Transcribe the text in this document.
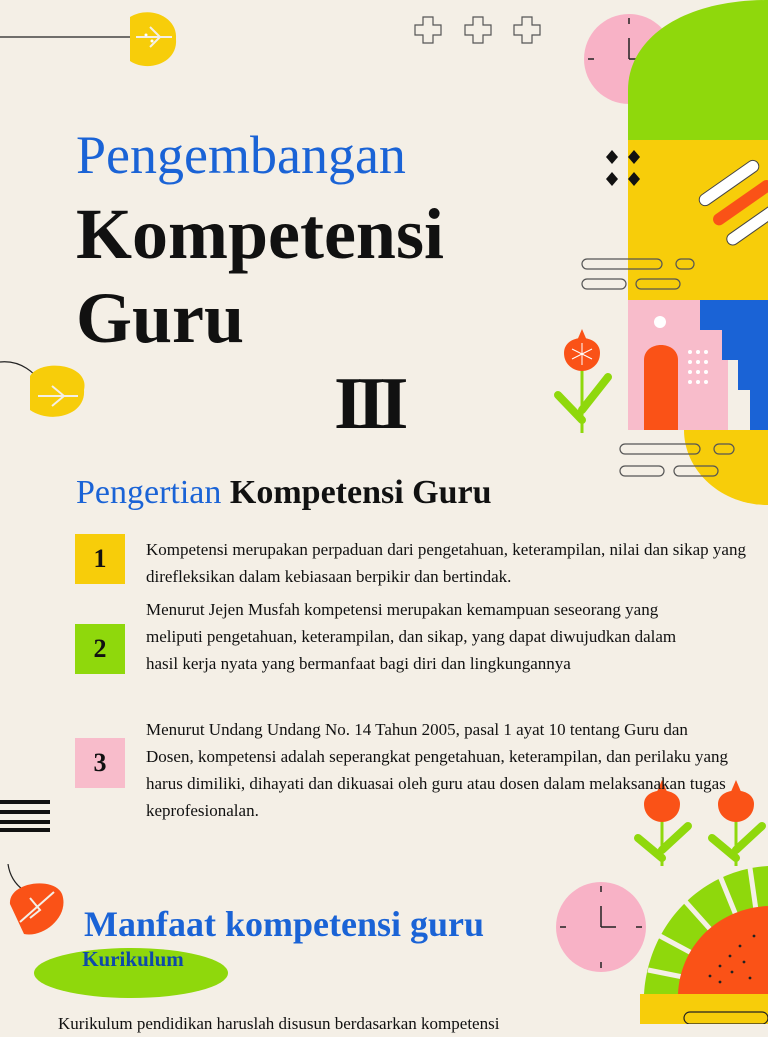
Pengembangan
Kompetensi
Guru
III
Pengertian Kompetensi Guru
1	Kompetensi merupakan perpaduan dari pengetahuan, keterampilan, nilai dan sikap yang direfleksikan dalam kebiasaan berpikir dan bertindak.

2

Menurut Jejen Musfah kompetensi merupakan kemampuan seseorang yang meliputi pengetahuan, keterampilan, dan sikap, yang dapat diwujudkan dalam hasil kerja nyata yang bermanfaat bagi diri dan lingkungannya

3

Menurut Undang Undang No. 14 Tahun 2005, pasal 1 ayat 10 tentang Guru dan Dosen, kompetensi adalah seperangkat pengetahuan, keterampilan, dan perilaku yang harus dimiliki, dihayati dan dikuasai oleh guru atau dosen dalam melaksanakan tugas keprofesionalan.

Manfaat kompetensi guru
Kurikulum
Kurikulum pendidikan haruslah disusun berdasarkan kompetensi
